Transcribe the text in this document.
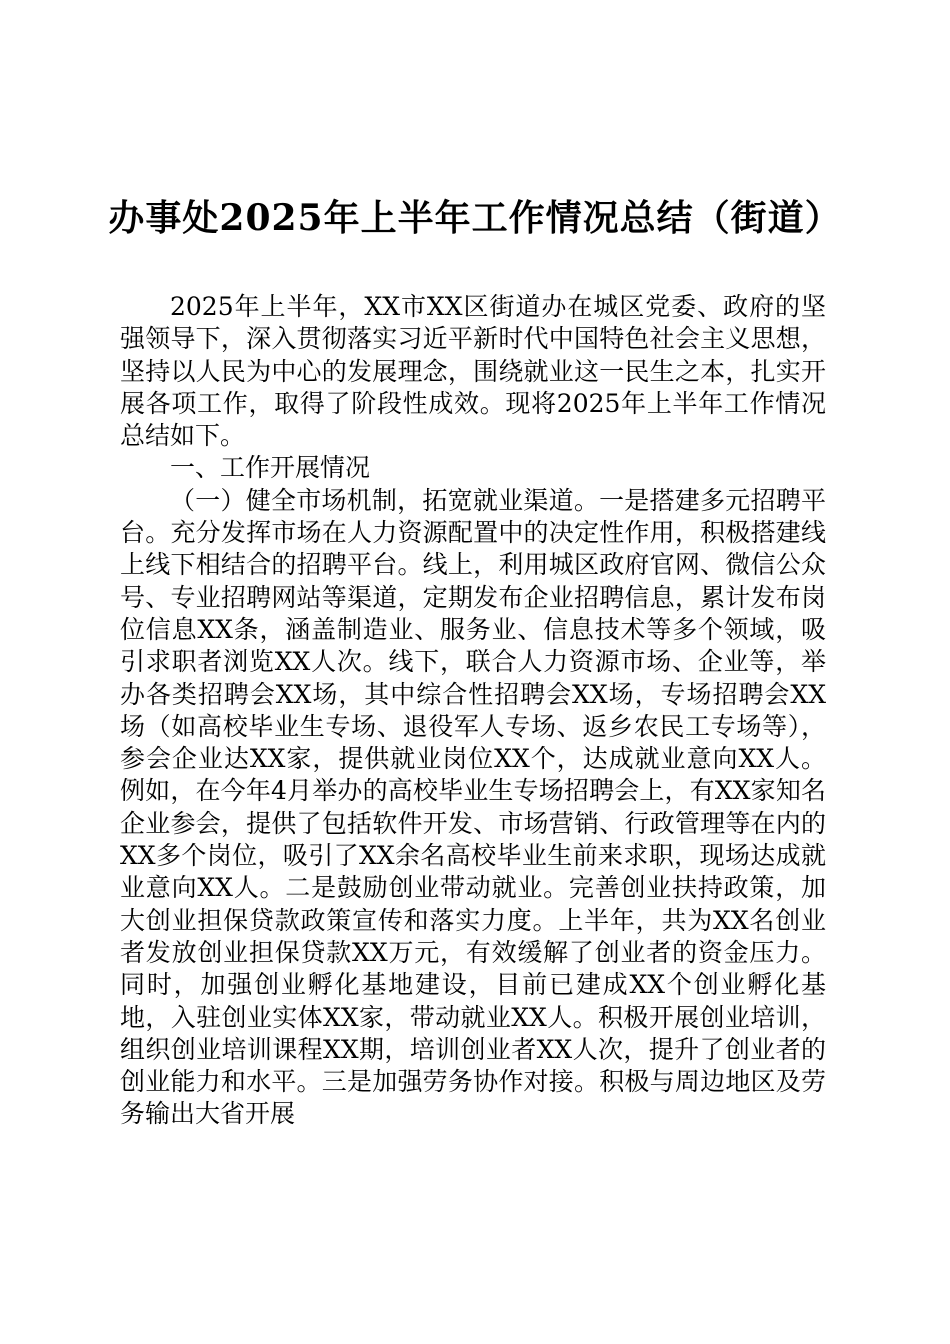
办事处2025年上半年工作情况总结（街道）

2025年上半年，XX市XX区街道办在城区党委、政府的坚强领导下，深入贯彻落实习近平新时代中国特色社会主义思想，坚持以人民为中心的发展理念，围绕就业这一民生之本，扎实开展各项工作，取得了阶段性成效。现将2025年上半年工作情况总结如下。

一、工作开展情况

（一）健全市场机制，拓宽就业渠道。一是搭建多元招聘平台。充分发挥市场在人力资源配置中的决定性作用，积极搭建线上线下相结合的招聘平台。线上，利用城区政府官网、微信公众号、专业招聘网站等渠道，定期发布企业招聘信息，累计发布岗位信息XX条，涵盖制造业、服务业、信息技术等多个领域，吸引求职者浏览XX人次。线下，联合人力资源市场、企业等，举办各类招聘会XX场，其中综合性招聘会XX场，专场招聘会XX场（如高校毕业生专场、退役军人专场、返乡农民工专场等），参会企业达XX家，提供就业岗位XX个，达成就业意向XX人。例如，在今年4月举办的高校毕业生专场招聘会上，有XX家知名企业参会，提供了包括软件开发、市场营销、行政管理等在内的XX多个岗位，吸引了XX余名高校毕业生前来求职，现场达成就业意向XX人。二是鼓励创业带动就业。完善创业扶持政策，加大创业担保贷款政策宣传和落实力度。上半年，共为XX名创业者发放创业担保贷款XX万元，有效缓解了创业者的资金压力。同时，加强创业孵化基地建设，目前已建成XX个创业孵化基地，入驻创业实体XX家，带动就业XX人。积极开展创业培训，组织创业培训课程XX期，培训创业者XX人次，提升了创业者的创业能力和水平。三是加强劳务协作对接。积极与周边地区及劳务输出大省开展
